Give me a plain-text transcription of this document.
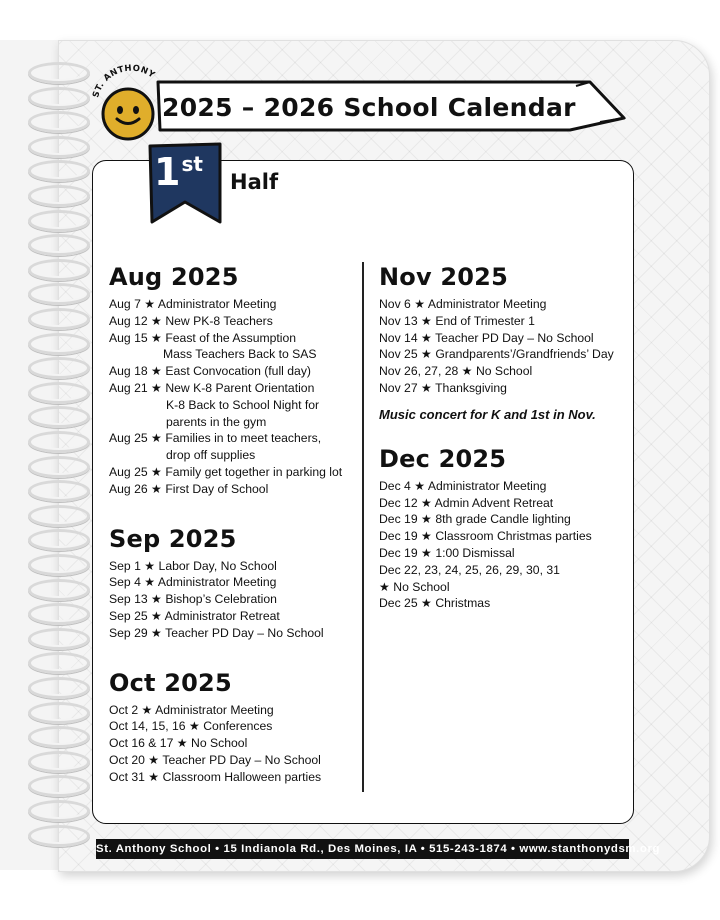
ST. ANTHONY
2025 – 2026 School Calendar
1st
Half
Aug 2025
Aug 7 ★ Administrator Meeting
Aug 12 ★ New PK-8 Teachers
Aug 15 ★ Feast of the Assumption
Mass Teachers Back to SAS
Aug 18 ★ East Convocation (full day)
Aug 21 ★ New K-8 Parent Orientation
K-8 Back to School Night for
parents in the gym
Aug 25 ★ Families in to meet teachers,
drop off supplies
Aug 25 ★ Family get together in parking lot
Aug 26 ★ First Day of School
Sep 2025
Sep 1 ★ Labor Day, No School
Sep 4 ★ Administrator Meeting
Sep 13 ★ Bishop’s Celebration
Sep 25 ★ Administrator Retreat
Sep 29 ★ Teacher PD Day – No School
Oct 2025
Oct 2 ★ Administrator Meeting
Oct 14, 15, 16 ★ Conferences
Oct 16 & 17 ★ No School
Oct 20 ★ Teacher PD Day – No School
Oct 31 ★ Classroom Halloween parties
Nov 2025
Nov 6 ★ Administrator Meeting
Nov 13 ★ End of Trimester 1
Nov 14 ★ Teacher PD Day – No School
Nov 25 ★ Grandparents’/Grandfriends’ Day
Nov 26, 27, 28 ★ No School
Nov 27 ★ Thanksgiving
Music concert for K and 1st in Nov.
Dec 2025
Dec 4 ★ Administrator Meeting
Dec 12 ★ Admin Advent Retreat
Dec 19 ★ 8th grade Candle lighting
Dec 19 ★ Classroom Christmas parties
Dec 19 ★ 1:00 Dismissal
Dec 22, 23, 24, 25, 26, 29, 30, 31
★ No School
Dec 25 ★ Christmas
St. Anthony School • 15 Indianola Rd., Des Moines, IA • 515-243-1874 • www.stanthonydsm.org
